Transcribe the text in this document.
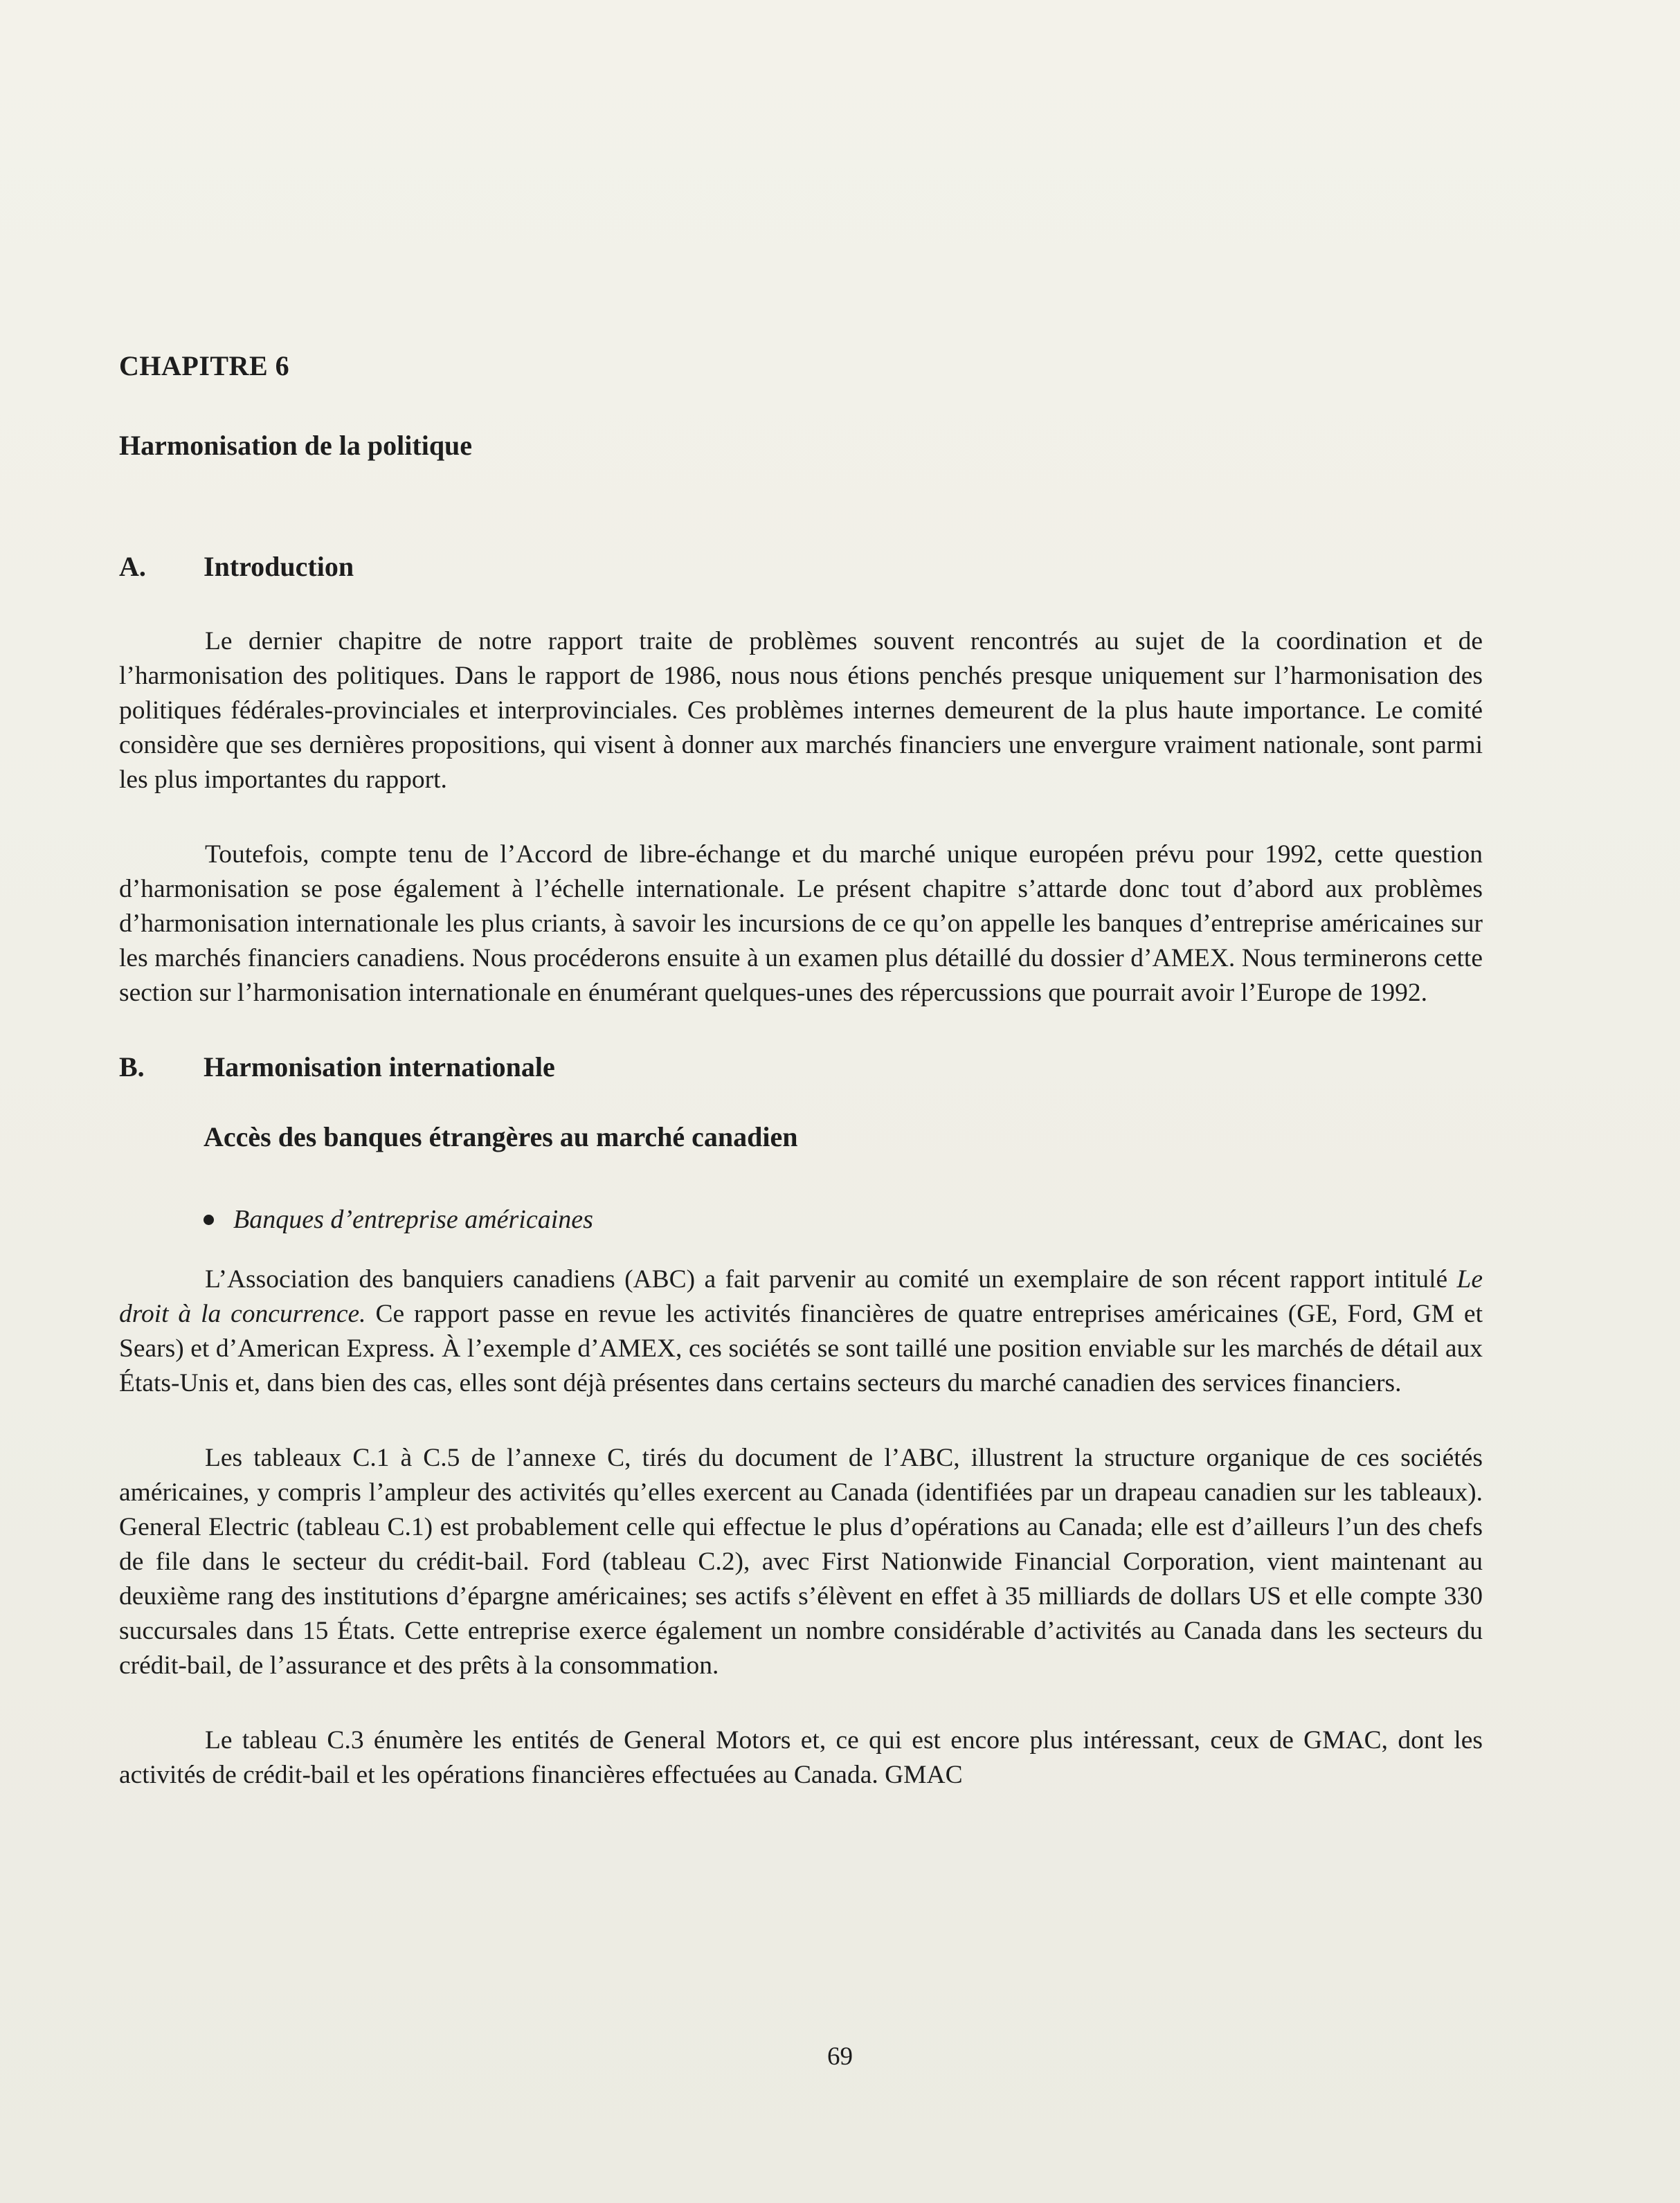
CHAPITRE 6
Harmonisation de la politique
A.	Introduction

Le dernier chapitre de notre rapport traite de problèmes souvent rencontrés au sujet de la coordination et de l’harmonisation des politiques. Dans le rapport de 1986, nous nous étions penchés presque uniquement sur l’harmonisation des politiques fédérales-provinciales et interprovinciales. Ces problèmes internes demeurent de la plus haute importance. Le comité considère que ses dernières propositions, qui visent à donner aux marchés financiers une envergure vraiment nationale, sont parmi les plus importantes du rapport.

Toutefois, compte tenu de l’Accord de libre-échange et du marché unique européen prévu pour 1992, cette question d’harmonisation se pose également à l’échelle internationale. Le présent chapitre s’attarde donc tout d’abord aux problèmes d’harmonisation internationale les plus criants, à savoir les incursions de ce qu’on appelle les banques d’entreprise américaines sur les marchés financiers canadiens. Nous procéderons ensuite à un examen plus détaillé du dossier d’AMEX. Nous terminerons cette section sur l’harmonisation internationale en énumérant quelques-unes des répercussions que pourrait avoir l’Europe de 1992.

B.	Harmonisation internationale
Accès des banques étrangères au marché canadien
Banques d’entreprise américaines

L’Association des banquiers canadiens (ABC) a fait parvenir au comité un exemplaire de son récent rapport intitulé Le droit à la concurrence. Ce rapport passe en revue les activités financières de quatre entreprises américaines (GE, Ford, GM et Sears) et d’American Express. À l’exemple d’AMEX, ces sociétés se sont taillé une position enviable sur les marchés de détail aux États-Unis et, dans bien des cas, elles sont déjà présentes dans certains secteurs du marché canadien des services financiers.

Les tableaux C.1 à C.5 de l’annexe C, tirés du document de l’ABC, illustrent la structure organique de ces sociétés américaines, y compris l’ampleur des activités qu’elles exercent au Canada (identifiées par un drapeau canadien sur les tableaux). General Electric (tableau C.1) est probablement celle qui effectue le plus d’opérations au Canada; elle est d’ailleurs l’un des chefs de file dans le secteur du crédit-bail. Ford (tableau C.2), avec First Nationwide Financial Corporation, vient maintenant au deuxième rang des institutions d’épargne américaines; ses actifs s’élèvent en effet à 35 milliards de dollars US et elle compte 330 succursales dans 15 États. Cette entreprise exerce également un nombre considérable d’activités au Canada dans les secteurs du crédit-bail, de l’assurance et des prêts à la consommation.

Le tableau C.3 énumère les entités de General Motors et, ce qui est encore plus intéressant, ceux de GMAC, dont les activités de crédit-bail et les opérations financières effectuées au Canada. GMAC

69
